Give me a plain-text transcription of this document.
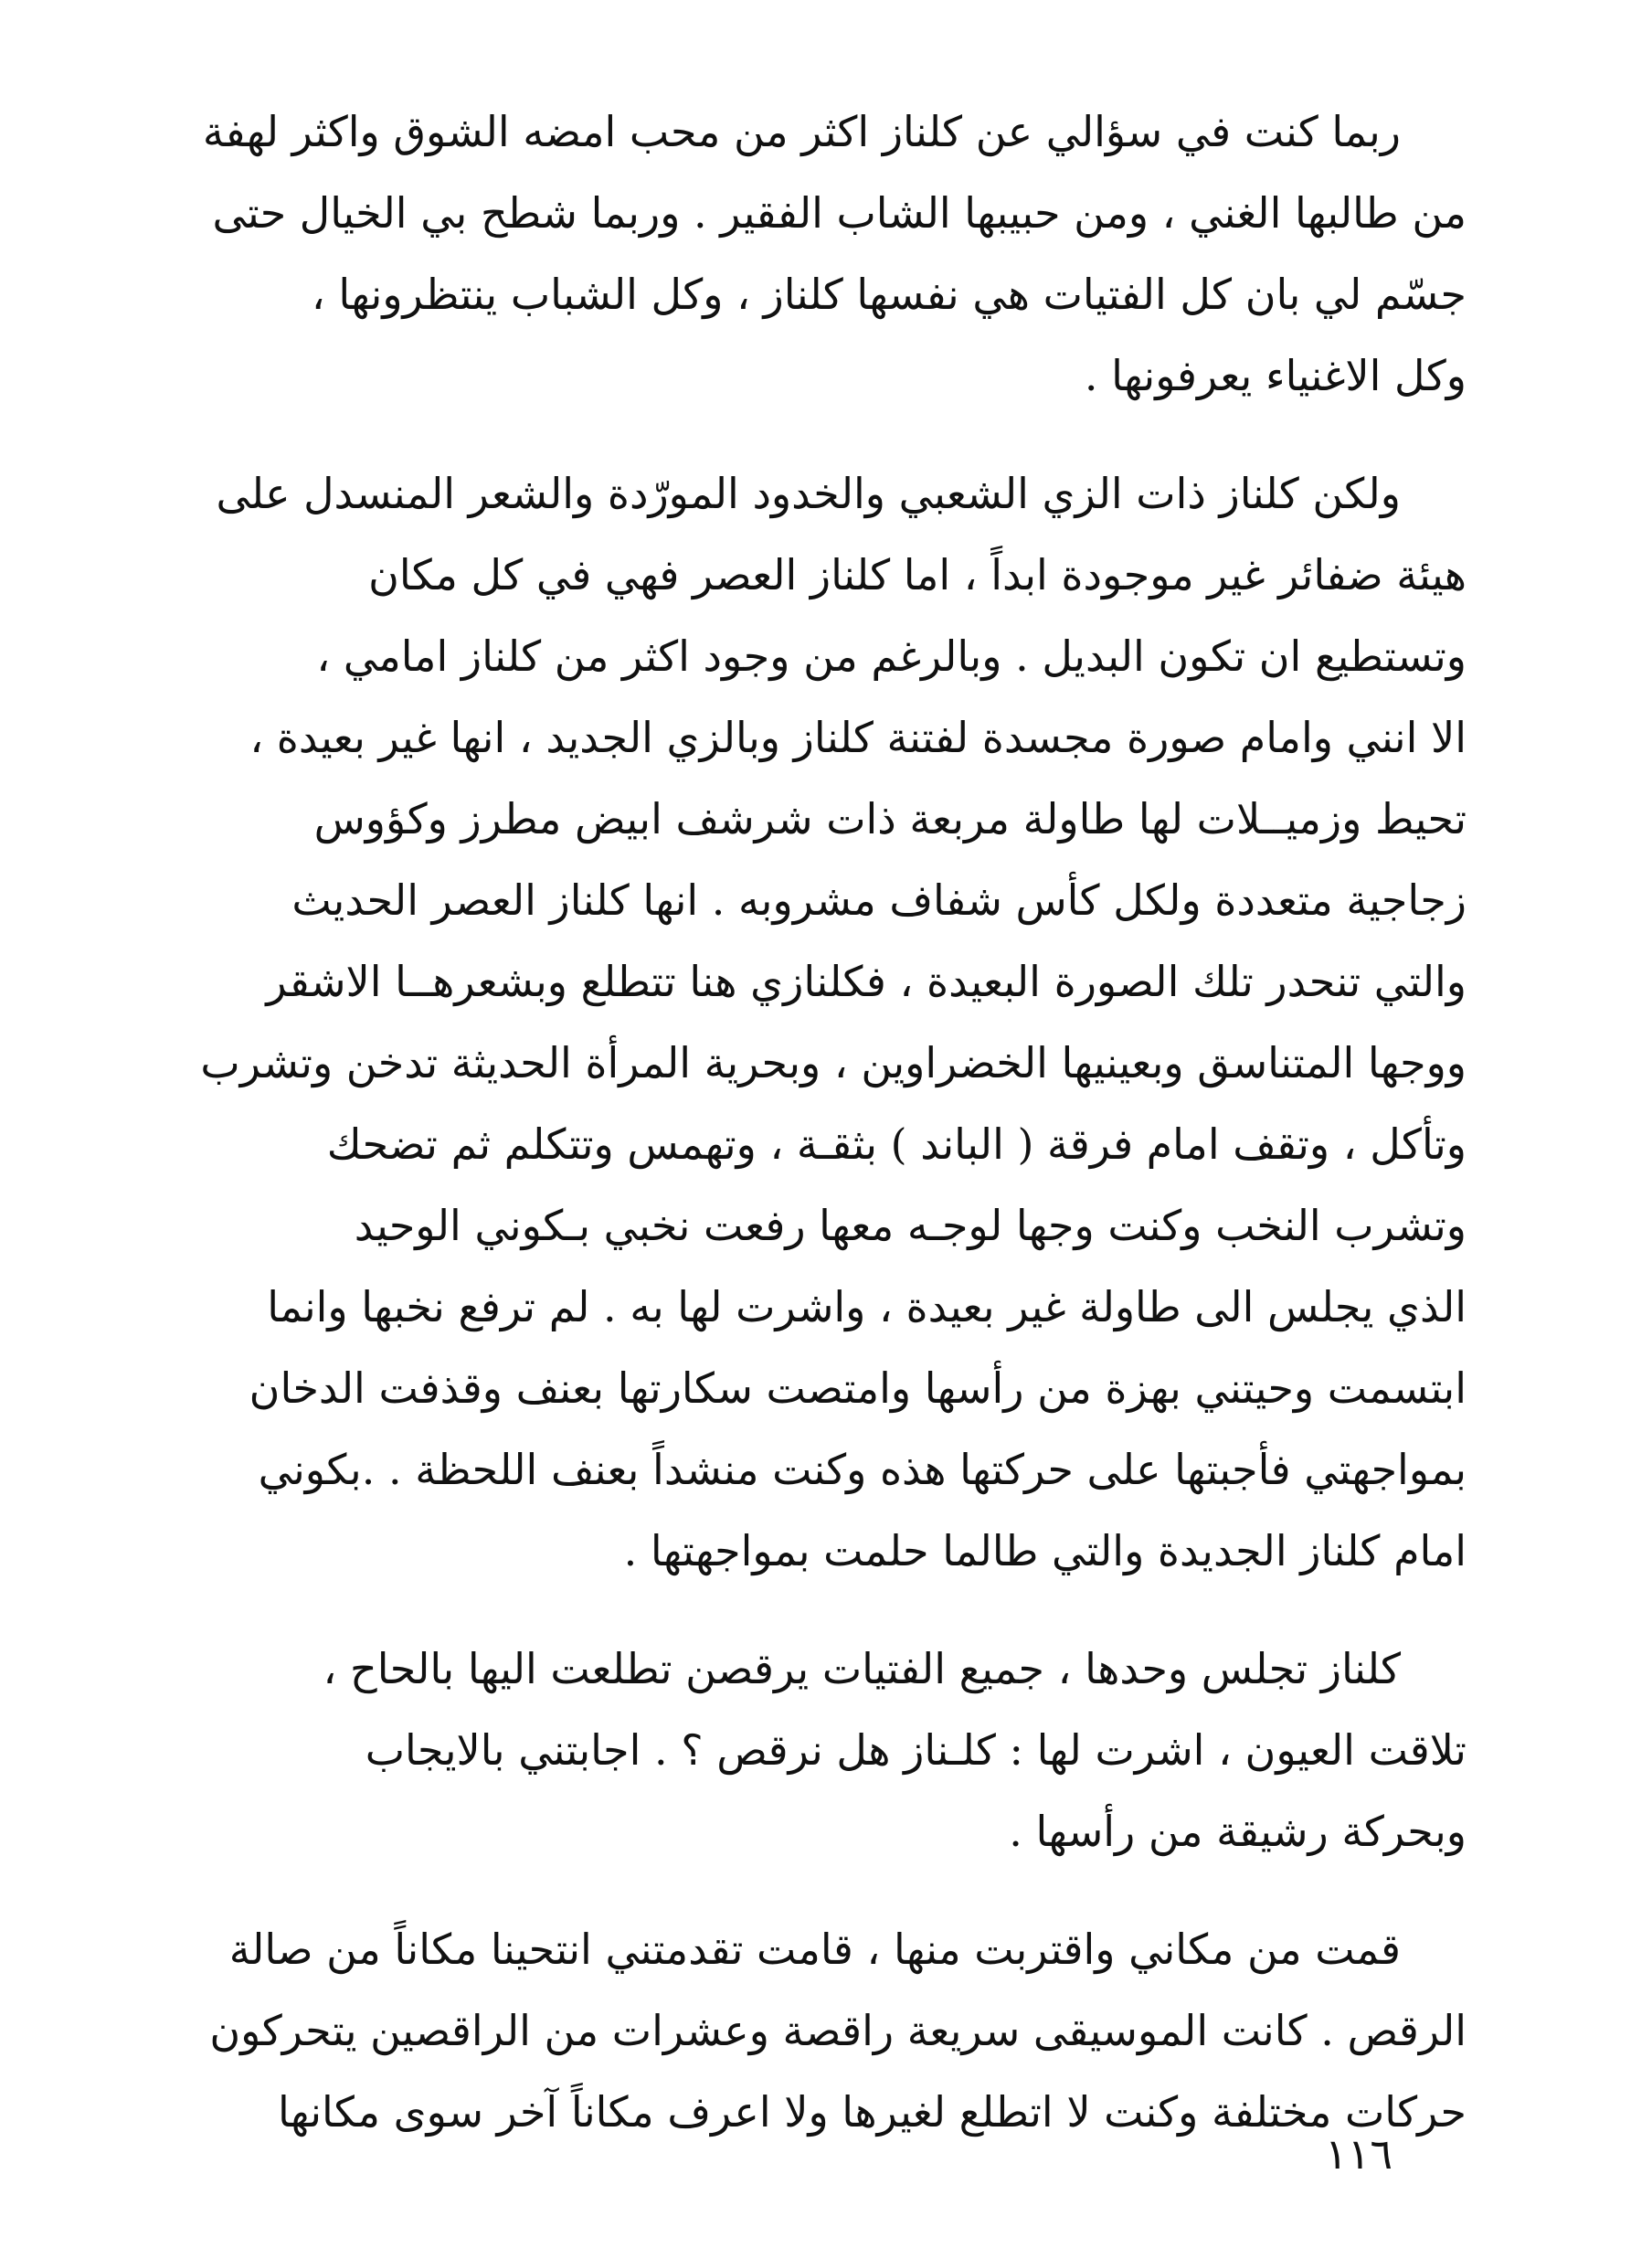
ربما كنت في سؤالي عن كلناز اكثر من محب امضه الشوق واكثر لهفة
من طالبها الغني ، ومن حبيبها الشاب الفقير . وربما شطح بي الخيال حتى
جسّم لي بان كل الفتيات هي نفسها كلناز ، وكل الشباب ينتظرونها ،
وكل الاغنياء يعرفونها .
ولكن كلناز ذات الزي الشعبي والخدود المورّدة والشعر المنسدل على
هيئة ضفائر غير موجودة ابداً ، اما كلناز العصر فهي في كل مكان
وتستطيع ان تكون البديل . وبالرغم من وجود اكثر من كلناز امامي ،
الا انني وامام صورة مجسدة لفتنة كلناز وبالزي الجديد ، انها غير بعيدة ،
تحيط وزميــلات لها طاولة مربعة ذات شرشف ابيض مطرز وكؤوس
زجاجية متعددة ولكل كأس شفاف مشروبه . انها كلناز العصر الحديث
والتي تنحدر تلك الصورة البعيدة ، فكلنازي هنا تتطلع وبشعرهــا الاشقر
ووجها المتناسق وبعينيها الخضراوين ، وبحرية المرأة الحديثة تدخن وتشرب
وتأكل ، وتقف امام فرقة ( الباند ) بثقـة ، وتهمس وتتكلم ثم تضحك
وتشرب النخب وكنت وجها لوجـه معها رفعت نخبي بـكوني الوحيد
الذي يجلس الى طاولة غير بعيدة ، واشرت لها به . لم ترفع نخبها وانما
ابتسمت وحيتني بهزة من رأسها وامتصت سكارتها بعنف وقذفت الدخان
بمواجهتي فأجبتها على حركتها هذه وكنت منشداً بعنف اللحظة . .بكوني
امام كلناز الجديدة والتي طالما حلمت بمواجهتها .
كلناز تجلس وحدها ، جميع الفتيات يرقصن تطلعت اليها بالحاح ،
تلاقت العيون ، اشرت لها : كلـناز هل نرقص ؟ . اجابتني بالايجاب
وبحركة رشيقة من رأسها .
قمت من مكاني واقتربت منها ، قامت تقدمتني انتحينا مكاناً من صالة
الرقص . كانت الموسيقى سريعة راقصة وعشرات من الراقصين يتحركون
حركات مختلفة وكنت لا اتطلع لغيرها ولا اعرف مكاناً آخر سوى مكانها
١١٦
